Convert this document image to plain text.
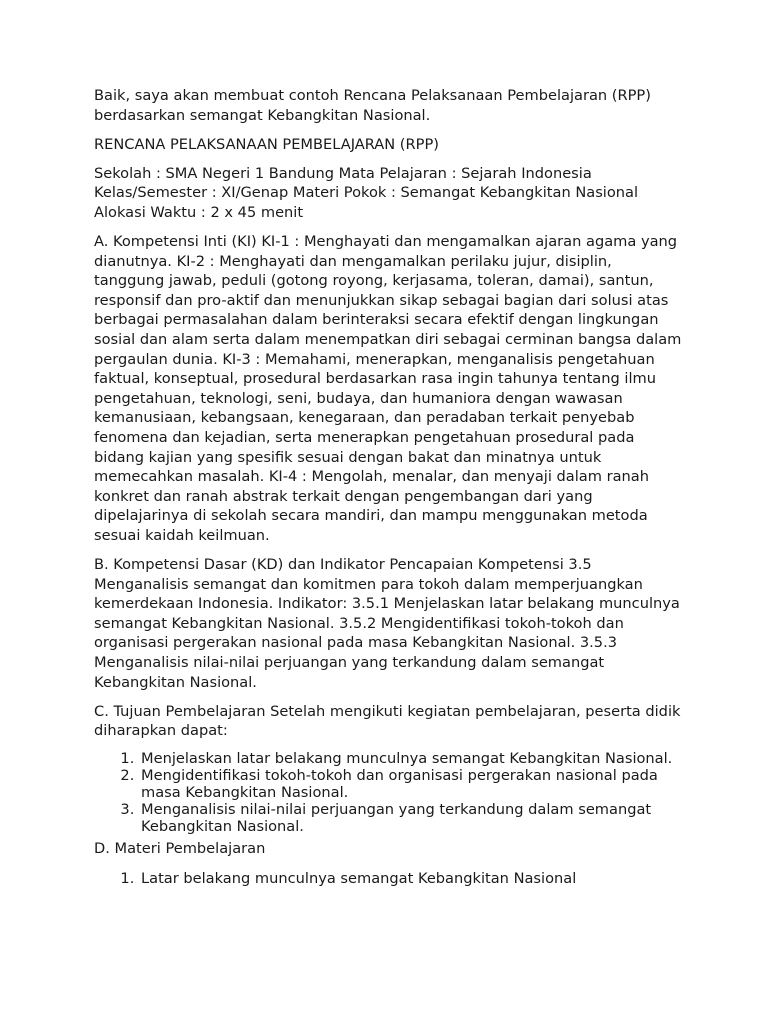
Baik, saya akan membuat contoh Rencana Pelaksanaan Pembelajaran (RPP) berdasarkan semangat Kebangkitan Nasional.

RENCANA PELAKSANAAN PEMBELAJARAN (RPP)

Sekolah : SMA Negeri 1 Bandung Mata Pelajaran : Sejarah Indonesia
Kelas/Semester : XI/Genap Materi Pokok : Semangat Kebangkitan Nasional
Alokasi Waktu : 2 x 45 menit

A. Kompetensi Inti (KI) KI-1 : Menghayati dan mengamalkan ajaran agama yang dianutnya. KI-2 : Menghayati dan mengamalkan perilaku jujur, disiplin, tanggung jawab, peduli (gotong royong, kerjasama, toleran, damai), santun, responsif dan pro-aktif dan menunjukkan sikap sebagai bagian dari solusi atas berbagai permasalahan dalam berinteraksi secara efektif dengan lingkungan sosial dan alam serta dalam menempatkan diri sebagai cerminan bangsa dalam pergaulan dunia. KI-3 : Memahami, menerapkan, menganalisis pengetahuan faktual, konseptual, prosedural berdasarkan rasa ingin tahunya tentang ilmu pengetahuan, teknologi, seni, budaya, dan humaniora dengan wawasan kemanusiaan, kebangsaan, kenegaraan, dan peradaban terkait penyebab fenomena dan kejadian, serta menerapkan pengetahuan prosedural pada bidang kajian yang spesifik sesuai dengan bakat dan minatnya untuk memecahkan masalah. KI-4 : Mengolah, menalar, dan menyaji dalam ranah konkret dan ranah abstrak terkait dengan pengembangan dari yang dipelajarinya di sekolah secara mandiri, dan mampu menggunakan metoda sesuai kaidah keilmuan.

B. Kompetensi Dasar (KD) dan Indikator Pencapaian Kompetensi 3.5 Menganalisis semangat dan komitmen para tokoh dalam memperjuangkan kemerdekaan Indonesia. Indikator: 3.5.1 Menjelaskan latar belakang munculnya semangat Kebangkitan Nasional. 3.5.2 Mengidentifikasi tokoh-tokoh dan organisasi pergerakan nasional pada masa Kebangkitan Nasional. 3.5.3 Menganalisis nilai-nilai perjuangan yang terkandung dalam semangat Kebangkitan Nasional.

C. Tujuan Pembelajaran Setelah mengikuti kegiatan pembelajaran, peserta didik diharapkan dapat:

1. Menjelaskan latar belakang munculnya semangat Kebangkitan Nasional.
2. Mengidentifikasi tokoh-tokoh dan organisasi pergerakan nasional pada masa Kebangkitan Nasional.
3. Menganalisis nilai-nilai perjuangan yang terkandung dalam semangat Kebangkitan Nasional.
D. Materi Pembelajaran
1. Latar belakang munculnya semangat Kebangkitan Nasional
